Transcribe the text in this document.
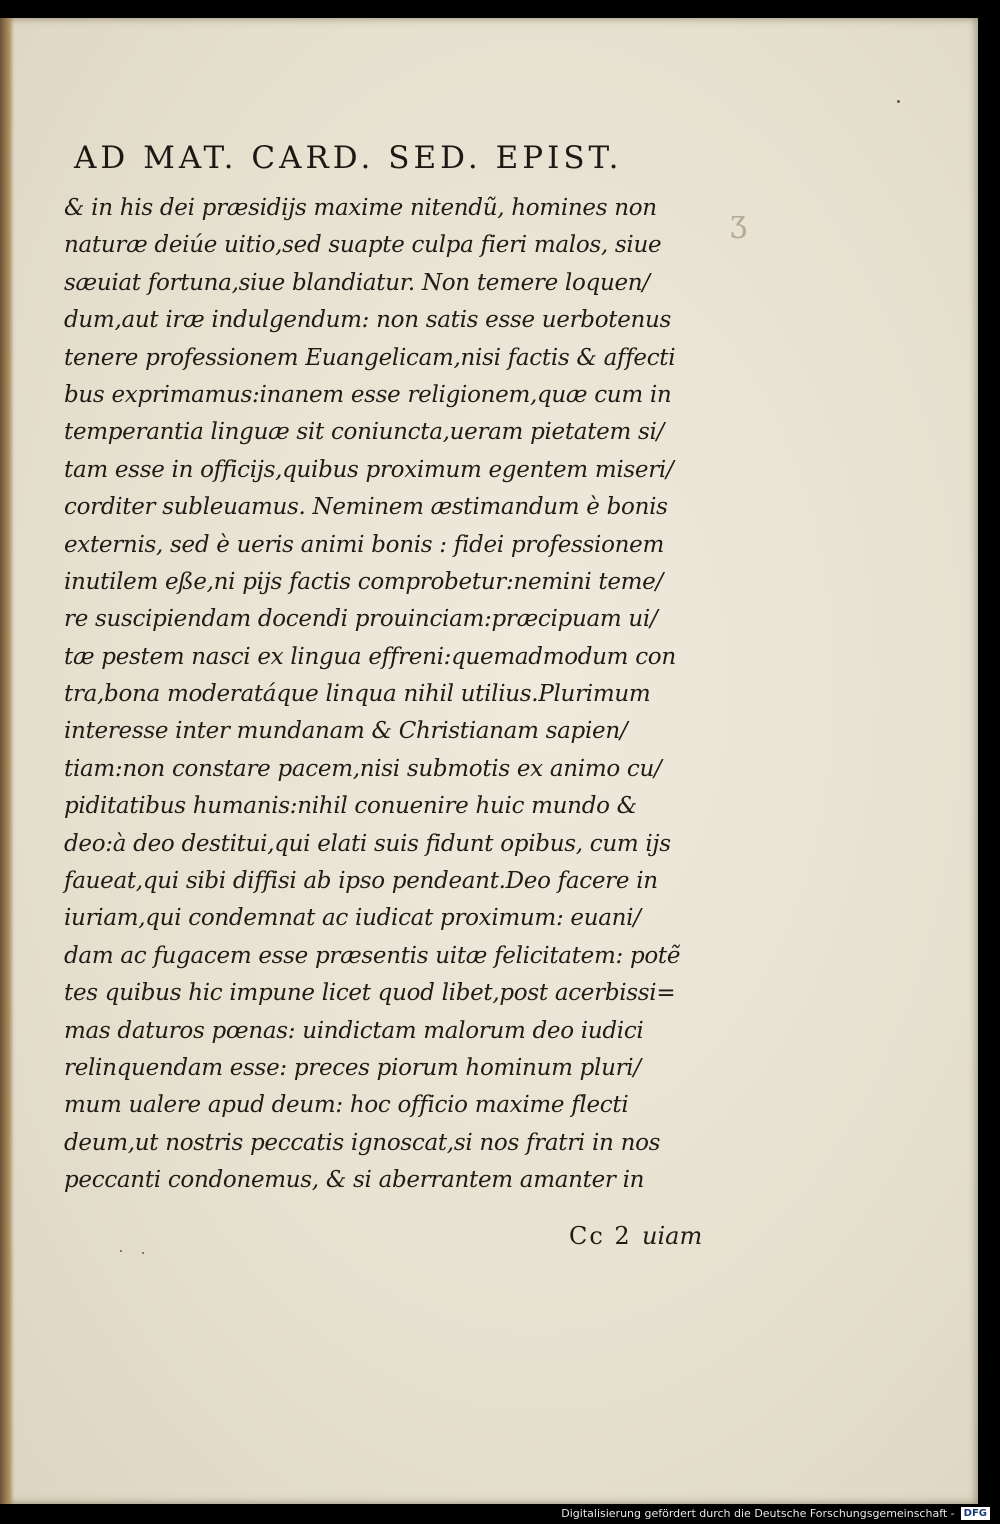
ʒ
AD MAT. CARD. SED. EPIST.
& in his dei præsidijs maxime nitendũ, homines non
naturæ deiúe uitio,sed suapte culpa fieri malos, siue
sæuiat fortuna,siue blandiatur. Non temere loquen/
dum,aut iræ indulgendum: non satis esse uerbotenus
tenere professionem Euangelicam,nisi factis & affecti
bus exprimamus:inanem esse religionem,quæ cum in
temperantia linguæ sit coniuncta,ueram pietatem si/
tam esse in officijs,quibus proximum egentem miseri/
corditer subleuamus. Neminem æstimandum è bonis
externis, sed è ueris animi bonis : fidei professionem
inutilem eße,ni pijs factis comprobetur:nemini teme/
re suscipiendam docendi prouinciam:præcipuam ui/
tæ pestem nasci ex lingua effreni:quemadmodum con
tra,bona moderatáque linqua nihil utilius.Plurimum
interesse inter mundanam & Christianam sapien/
tiam:non constare pacem,nisi submotis ex animo cu/
piditatibus humanis:nihil conuenire huic mundo &
deo:à deo destitui,qui elati suis fidunt opibus, cum ijs
faueat,qui sibi diffisi ab ipso pendeant.Deo facere in
iuriam,qui condemnat ac iudicat proximum: euani/
dam ac fugacem esse præsentis uitæ felicitatem: potẽ
tes quibus hic impune licet quod libet,post acerbissi=
mas daturos pœnas: uindictam malorum deo iudici
relinquendam esse: preces piorum hominum pluri/
mum ualere apud deum: hoc officio maxime flecti
deum,ut nostris peccatis ignoscat,si nos fratri in nos
peccanti condonemus, & si aberrantem amanter in
Cc 2 uiam
Digitalisierung gefördert durch die Deutsche Forschungsgemeinschaft - DFG
